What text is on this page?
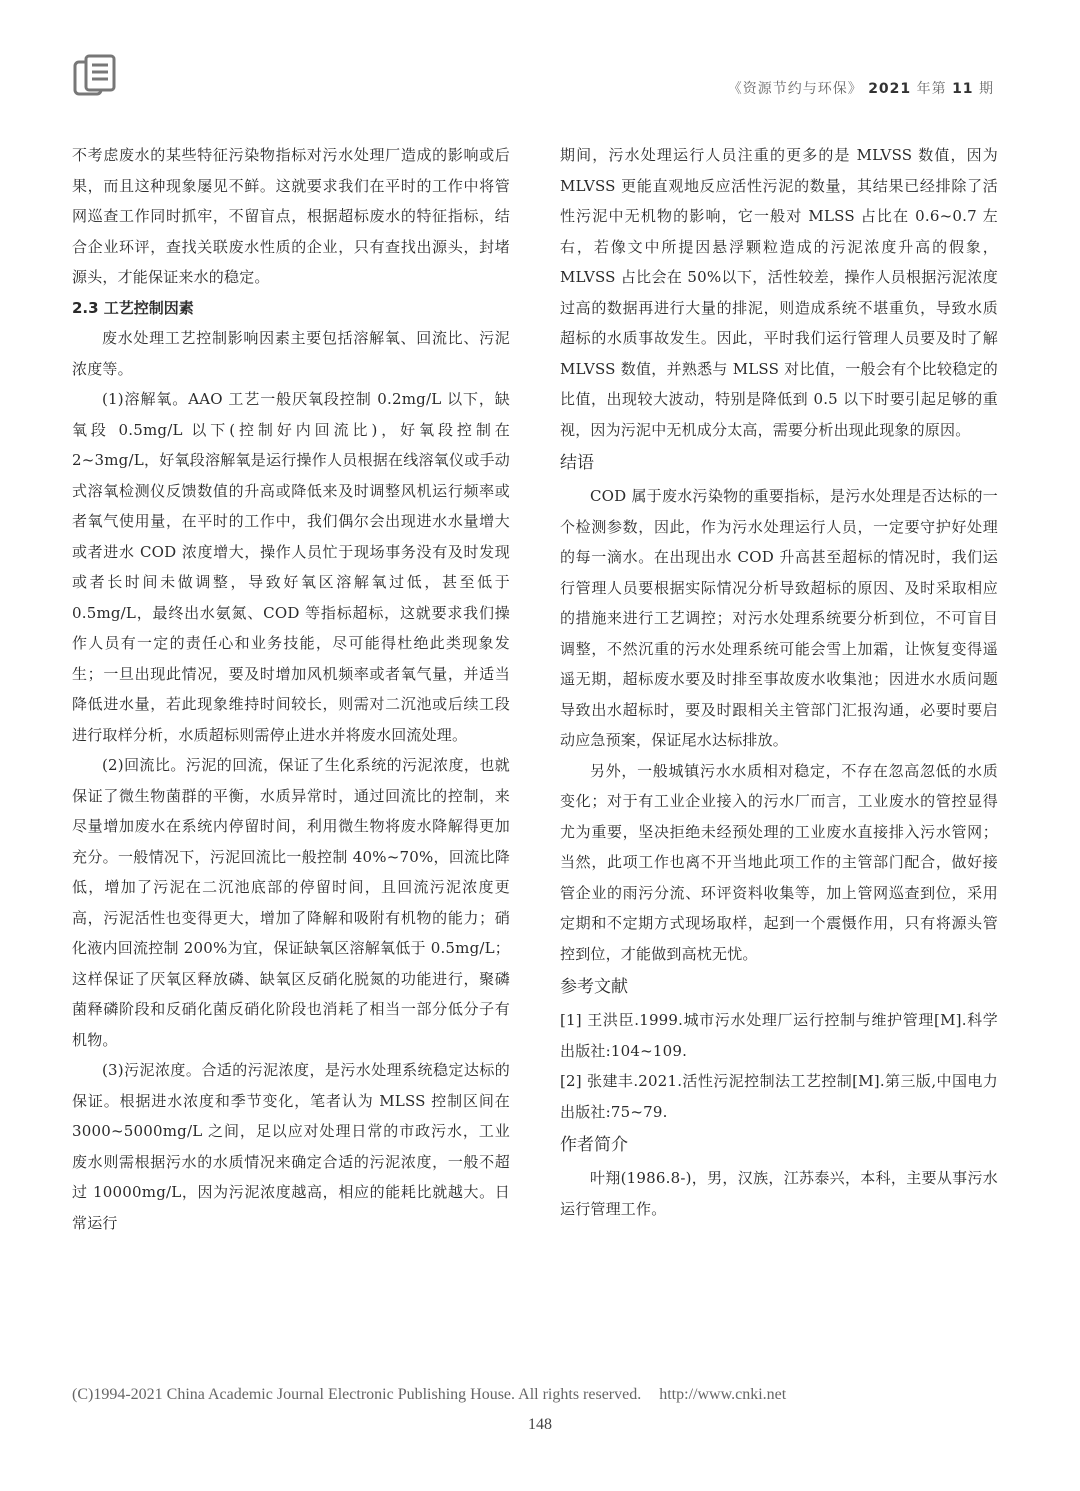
《资源节约与环保》 2021 年第 11 期

不考虑废水的某些特征污染物指标对污水处理厂造成的影响或后果，而且这种现象屡见不鲜。这就要求我们在平时的工作中将管网巡查工作同时抓牢，不留盲点，根据超标废水的特征指标，结合企业环评，查找关联废水性质的企业，只有查找出源头，封堵源头，才能保证来水的稳定。

2.3 工艺控制因素

废水处理工艺控制影响因素主要包括溶解氧、回流比、污泥浓度等。

(1)溶解氧。AAO 工艺一般厌氧段控制 0.2mg/L 以下，缺氧段 0.5mg/L 以下(控制好内回流比)，好氧段控制在 2~3mg/L，好氧段溶解氧是运行操作人员根据在线溶氧仪或手动式溶氧检测仪反馈数值的升高或降低来及时调整风机运行频率或者氧气使用量，在平时的工作中，我们偶尔会出现进水水量增大或者进水 COD 浓度增大，操作人员忙于现场事务没有及时发现或者长时间未做调整，导致好氧区溶解氧过低，甚至低于 0.5mg/L，最终出水氨氮、COD 等指标超标，这就要求我们操作人员有一定的责任心和业务技能，尽可能得杜绝此类现象发生；一旦出现此情况，要及时增加风机频率或者氧气量，并适当降低进水量，若此现象维持时间较长，则需对二沉池或后续工段进行取样分析，水质超标则需停止进水并将废水回流处理。

(2)回流比。污泥的回流，保证了生化系统的污泥浓度，也就保证了微生物菌群的平衡，水质异常时，通过回流比的控制，来尽量增加废水在系统内停留时间，利用微生物将废水降解得更加充分。一般情况下，污泥回流比一般控制 40%~70%，回流比降低，增加了污泥在二沉池底部的停留时间，且回流污泥浓度更高，污泥活性也变得更大，增加了降解和吸附有机物的能力；硝化液内回流控制 200%为宜，保证缺氧区溶解氧低于 0.5mg/L；这样保证了厌氧区释放磷、缺氧区反硝化脱氮的功能进行，聚磷菌释磷阶段和反硝化菌反硝化阶段也消耗了相当一部分低分子有机物。

(3)污泥浓度。合适的污泥浓度，是污水处理系统稳定达标的保证。根据进水浓度和季节变化，笔者认为 MLSS 控制区间在 3000~5000mg/L 之间，足以应对处理日常的市政污水，工业废水则需根据污水的水质情况来确定合适的污泥浓度，一般不超过 10000mg/L，因为污泥浓度越高，相应的能耗比就越大。日常运行

期间，污水处理运行人员注重的更多的是 MLVSS 数值，因为 MLVSS 更能直观地反应活性污泥的数量，其结果已经排除了活性污泥中无机物的影响，它一般对 MLSS 占比在 0.6~0.7 左右，若像文中所提因悬浮颗粒造成的污泥浓度升高的假象，MLVSS 占比会在 50%以下，活性较差，操作人员根据污泥浓度过高的数据再进行大量的排泥，则造成系统不堪重负，导致水质超标的水质事故发生。因此，平时我们运行管理人员要及时了解 MLVSS 数值，并熟悉与 MLSS 对比值，一般会有个比较稳定的比值，出现较大波动，特别是降低到 0.5 以下时要引起足够的重视，因为污泥中无机成分太高，需要分析出现此现象的原因。

结语

COD 属于废水污染物的重要指标，是污水处理是否达标的一个检测参数，因此，作为污水处理运行人员，一定要守护好处理的每一滴水。在出现出水 COD 升高甚至超标的情况时，我们运行管理人员要根据实际情况分析导致超标的原因、及时采取相应的措施来进行工艺调控；对污水处理系统要分析到位，不可盲目调整，不然沉重的污水处理系统可能会雪上加霜，让恢复变得遥遥无期，超标废水要及时排至事故废水收集池；因进水水质问题导致出水超标时，要及时跟相关主管部门汇报沟通，必要时要启动应急预案，保证尾水达标排放。

另外，一般城镇污水水质相对稳定，不存在忽高忽低的水质变化；对于有工业企业接入的污水厂而言，工业废水的管控显得尤为重要，坚决拒绝未经预处理的工业废水直接排入污水管网；当然，此项工作也离不开当地此项工作的主管部门配合，做好接管企业的雨污分流、环评资料收集等，加上管网巡查到位，采用定期和不定期方式现场取样，起到一个震慑作用，只有将源头管控到位，才能做到高枕无忧。

参考文献

[1] 王洪臣.1999.城市污水处理厂运行控制与维护管理[M].科学出版社:104~109.

[2] 张建丰.2021.活性污泥控制法工艺控制[M].第三版,中国电力出版社:75~79.

作者简介

叶翔(1986.8-)，男，汉族，江苏泰兴，本科，主要从事污水运行管理工作。

(C)1994-2021 China Academic Journal Electronic Publishing House. All rights reserved. http://www.cnki.net
148
